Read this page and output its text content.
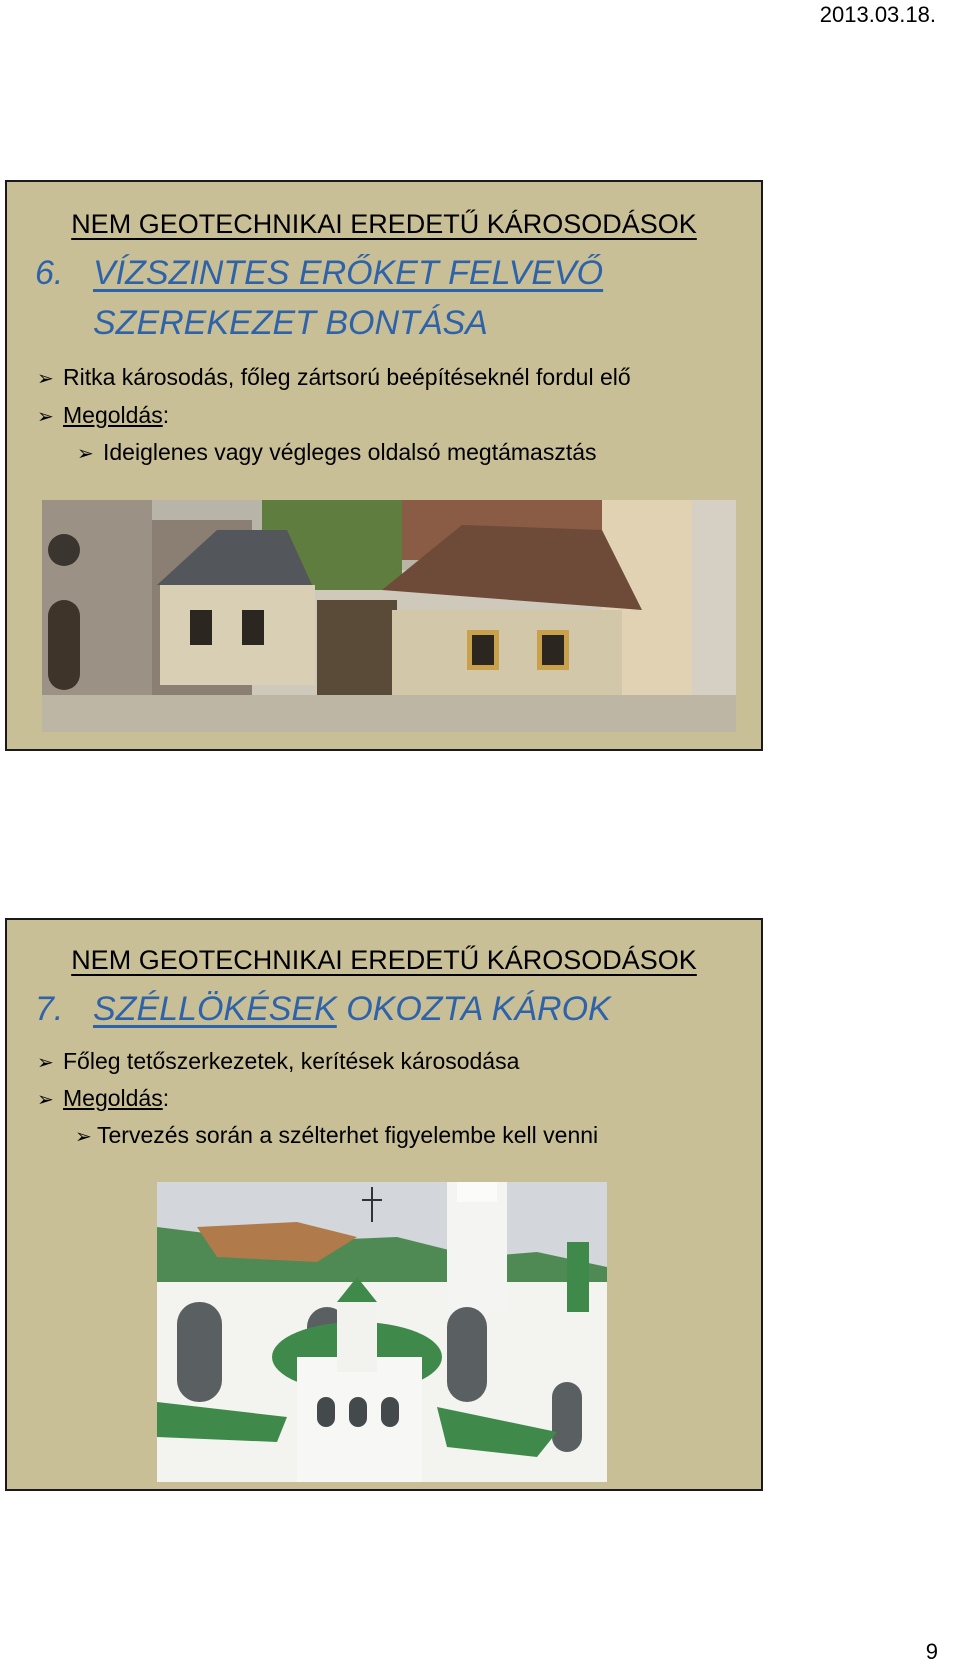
2013.03.18.
NEM GEOTECHNIKAI EREDETŰ KÁROSODÁSOK
6. VÍZSZINTES ERŐKET FELVEVŐ
SZEREKEZET BONTÁSA
➢ Ritka károsodás, főleg zártsorú beépítéseknél fordul elő
➢ Megoldás:
➢ Ideiglenes vagy végleges oldalsó megtámasztás
NEM GEOTECHNIKAI EREDETŰ KÁROSODÁSOK
7. SZÉLLÖKÉSEK OKOZTA KÁROK
➢ Főleg tetőszerkezetek, kerítések károsodása
➢ Megoldás:
➢ Tervezés során a szélterhet figyelembe kell venni
9
